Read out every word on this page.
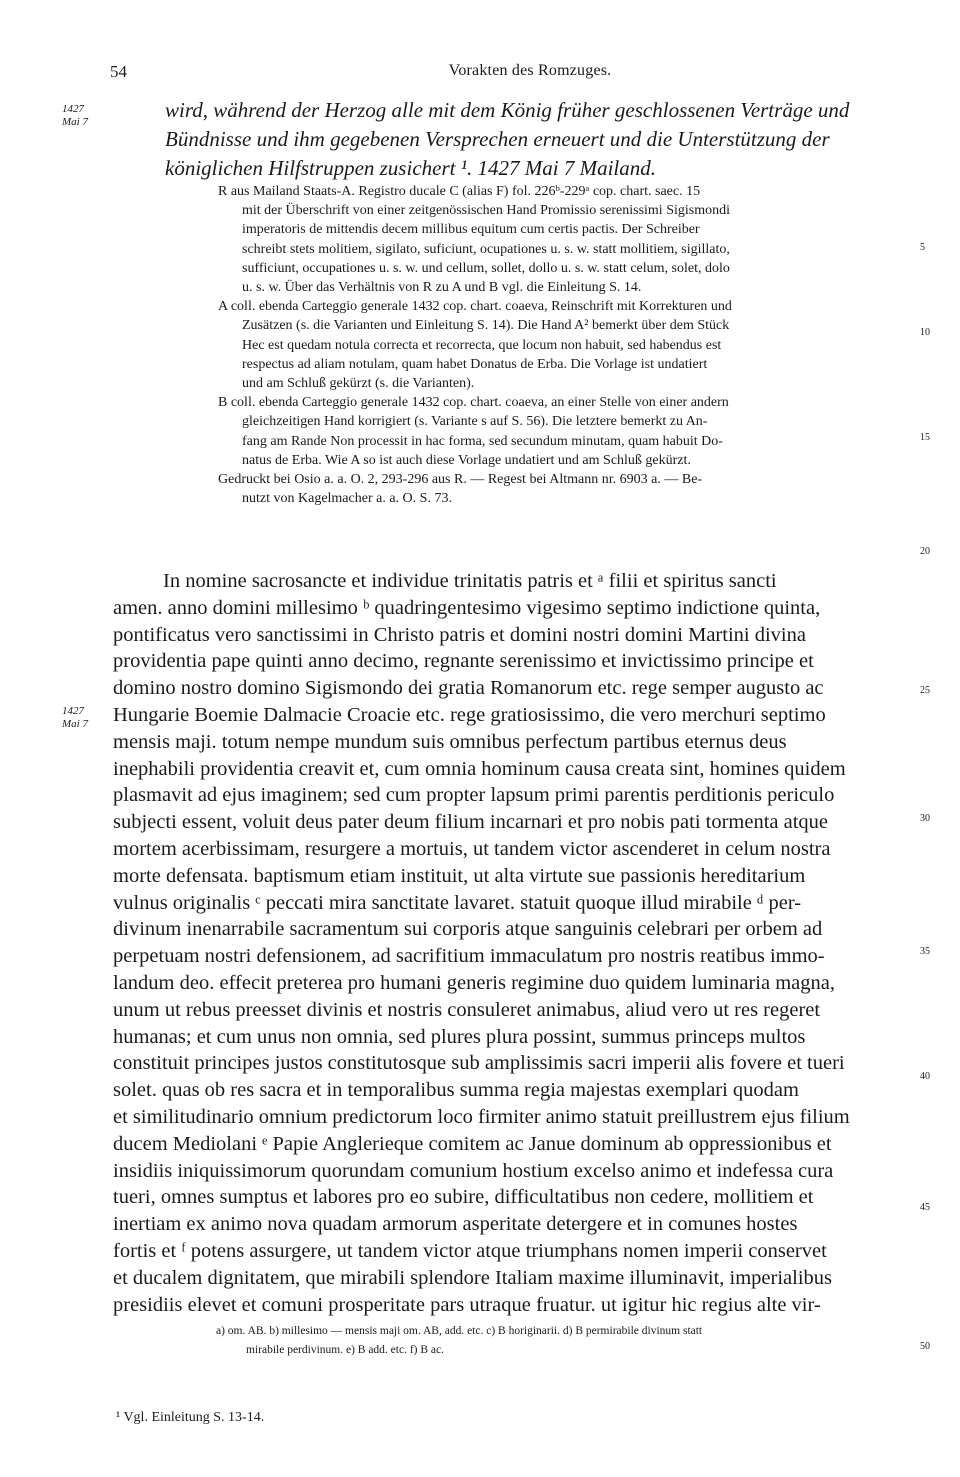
54	Vorakten des Romzuges.
1427
Mai 7	wird, während der Herzog alle mit dem König früher geschlossenen Verträge und
Bündnisse und ihm gegebenen Versprechen erneuert und die Unterstützung der
königlichen Hilfstruppen zusichert ¹. 1427 Mai 7 Mailand.
R aus Mailand Staats-A. Registro ducale C (alias F) fol. 226ᵇ-229ᵃ cop. chart. saec. 15
mit der Überschrift von einer zeitgenössischen Hand Promissio serenissimi Sigismondi
imperatoris de mittendis decem millibus equitum cum certis pactis. Der Schreiber
schreibt stets molitiem, sigilato, suficiunt, ocupationes u. s. w. statt mollitiem, sigillato,
sufficiunt, occupationes u. s. w. und cellum, sollet, dollo u. s. w. statt celum, solet, dolo
u. s. w. Über das Verhältnis von R zu A und B vgl. die Einleitung S. 14.
A coll. ebenda Carteggio generale 1432 cop. chart. coaeva, Reinschrift mit Korrekturen und
Zusätzen (s. die Varianten und Einleitung S. 14). Die Hand A² bemerkt über dem Stück
Hec est quedam notula correcta et recorrecta, que locum non habuit, sed habendus est
respectus ad aliam notulam, quam habet Donatus de Erba. Die Vorlage ist undatiert
und am Schluß gekürzt (s. die Varianten).
B coll. ebenda Carteggio generale 1432 cop. chart. coaeva, an einer Stelle von einer andern
gleichzeitigen Hand korrigiert (s. Variante s auf S. 56). Die letztere bemerkt zu An-
fang am Rande Non processit in hac forma, sed secundum minutam, quam habuit Do-
natus de Erba. Wie A so ist auch diese Vorlage undatiert und am Schluß gekürzt.
Gedruckt bei Osio a. a. O. 2, 293-296 aus R. — Regest bei Altmann nr. 6903 a. — Be-
nutzt von Kagelmacher a. a. O. S. 73.
1427
Mai 7
In nomine sacrosancte et individue trinitatis patris et ᵃ filii et spiritus sancti
amen. anno domini millesimo ᵇ quadringentesimo vigesimo septimo indictione quinta,
pontificatus vero sanctissimi in Christo patris et domini nostri domini Martini divina
providentia pape quinti anno decimo, regnante serenissimo et invictissimo principe et
domino nostro domino Sigismondo dei gratia Romanorum etc. rege semper augusto ac
Hungarie Boemie Dalmacie Croacie etc. rege gratiosissimo, die vero merchuri septimo
mensis maji. totum nempe mundum suis omnibus perfectum partibus eternus deus
inephabili providentia creavit et, cum omnia hominum causa creata sint, homines quidem
plasmavit ad ejus imaginem; sed cum propter lapsum primi parentis perditionis periculo
subjecti essent, voluit deus pater deum filium incarnari et pro nobis pati tormenta atque
mortem acerbissimam, resurgere a mortuis, ut tandem victor ascenderet in celum nostra
morte defensata. baptismum etiam instituit, ut alta virtute sue passionis hereditarium
vulnus originalis ᶜ peccati mira sanctitate lavaret. statuit quoque illud mirabile ᵈ per-
divinum inenarrabile sacramentum sui corporis atque sanguinis celebrari per orbem ad
perpetuam nostri defensionem, ad sacrifitium immaculatum pro nostris reatibus immo-
landum deo. effecit preterea pro humani generis regimine duo quidem luminaria magna,
unum ut rebus preesset divinis et nostris consuleret animabus, aliud vero ut res regeret
humanas; et cum unus non omnia, sed plures plura possint, summus princeps multos
constituit principes justos constitutosque sub amplissimis sacri imperii alis fovere et tueri
solet. quas ob res sacra et in temporalibus summa regia majestas exemplari quodam
et similitudinario omnium predictorum loco firmiter animo statuit preillustrem ejus filium
ducem Mediolani ᵉ Papie Anglerieque comitem ac Janue dominum ab oppressionibus et
insidiis iniquissimorum quorundam comunium hostium excelso animo et indefessa cura
tueri, omnes sumptus et labores pro eo subire, difficultatibus non cedere, mollitiem et
inertiam ex animo nova quadam armorum asperitate detergere et in comunes hostes
fortis et ᶠ potens assurgere, ut tandem victor atque triumphans nomen imperii conservet
et ducalem dignitatem, que mirabili splendore Italiam maxime illuminavit, imperialibus
presidiis elevet et comuni prosperitate pars utraque fruatur. ut igitur hic regius alte vir-
5
10
15
20
25
30
35
40
45
50
a) om. AB. b) millesimo — mensis maji om. AB, add. etc. c) B horiginarii. d) B permirabile divinum statt
mirabile perdivinum. e) B add. etc. f) B ac.
¹ Vgl. Einleitung S. 13-14.
